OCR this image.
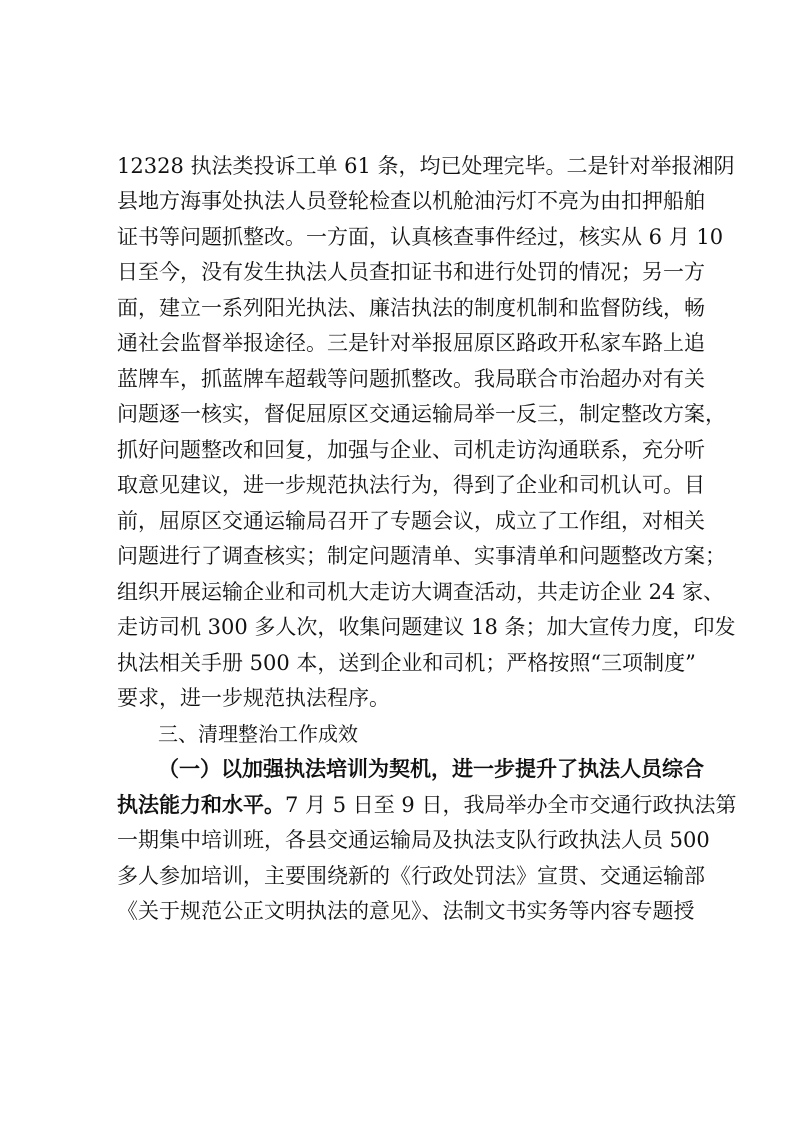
12328 执法类投诉工单 61 条，均已处理完毕。二是针对举报湘阴
县地方海事处执法人员登轮检查以机舱油污灯不亮为由扣押船舶
证书等问题抓整改。一方面，认真核查事件经过，核实从 6 月 10
日至今，没有发生执法人员查扣证书和进行处罚的情况；另一方
面，建立一系列阳光执法、廉洁执法的制度机制和监督防线，畅
通社会监督举报途径。三是针对举报屈原区路政开私家车路上追
蓝牌车，抓蓝牌车超载等问题抓整改。我局联合市治超办对有关
问题逐一核实，督促屈原区交通运输局举一反三，制定整改方案，
抓好问题整改和回复，加强与企业、司机走访沟通联系，充分听
取意见建议，进一步规范执法行为，得到了企业和司机认可。目
前，屈原区交通运输局召开了专题会议，成立了工作组，对相关
问题进行了调查核实；制定问题清单、实事清单和问题整改方案；
组织开展运输企业和司机大走访大调查活动，共走访企业 24 家、
走访司机 300 多人次，收集问题建议 18 条；加大宣传力度，印发
执法相关手册 500 本，送到企业和司机；严格按照“三项制度”
要求，进一步规范执法程序。
三、清理整治工作成效
（一）以加强执法培训为契机，进一步提升了执法人员综合
执法能力和水平。7 月 5 日至 9 日，我局举办全市交通行政执法第
一期集中培训班，各县交通运输局及执法支队行政执法人员 500
多人参加培训，主要围绕新的《行政处罚法》宣贯、交通运输部
《关于规范公正文明执法的意见》、法制文书实务等内容专题授
